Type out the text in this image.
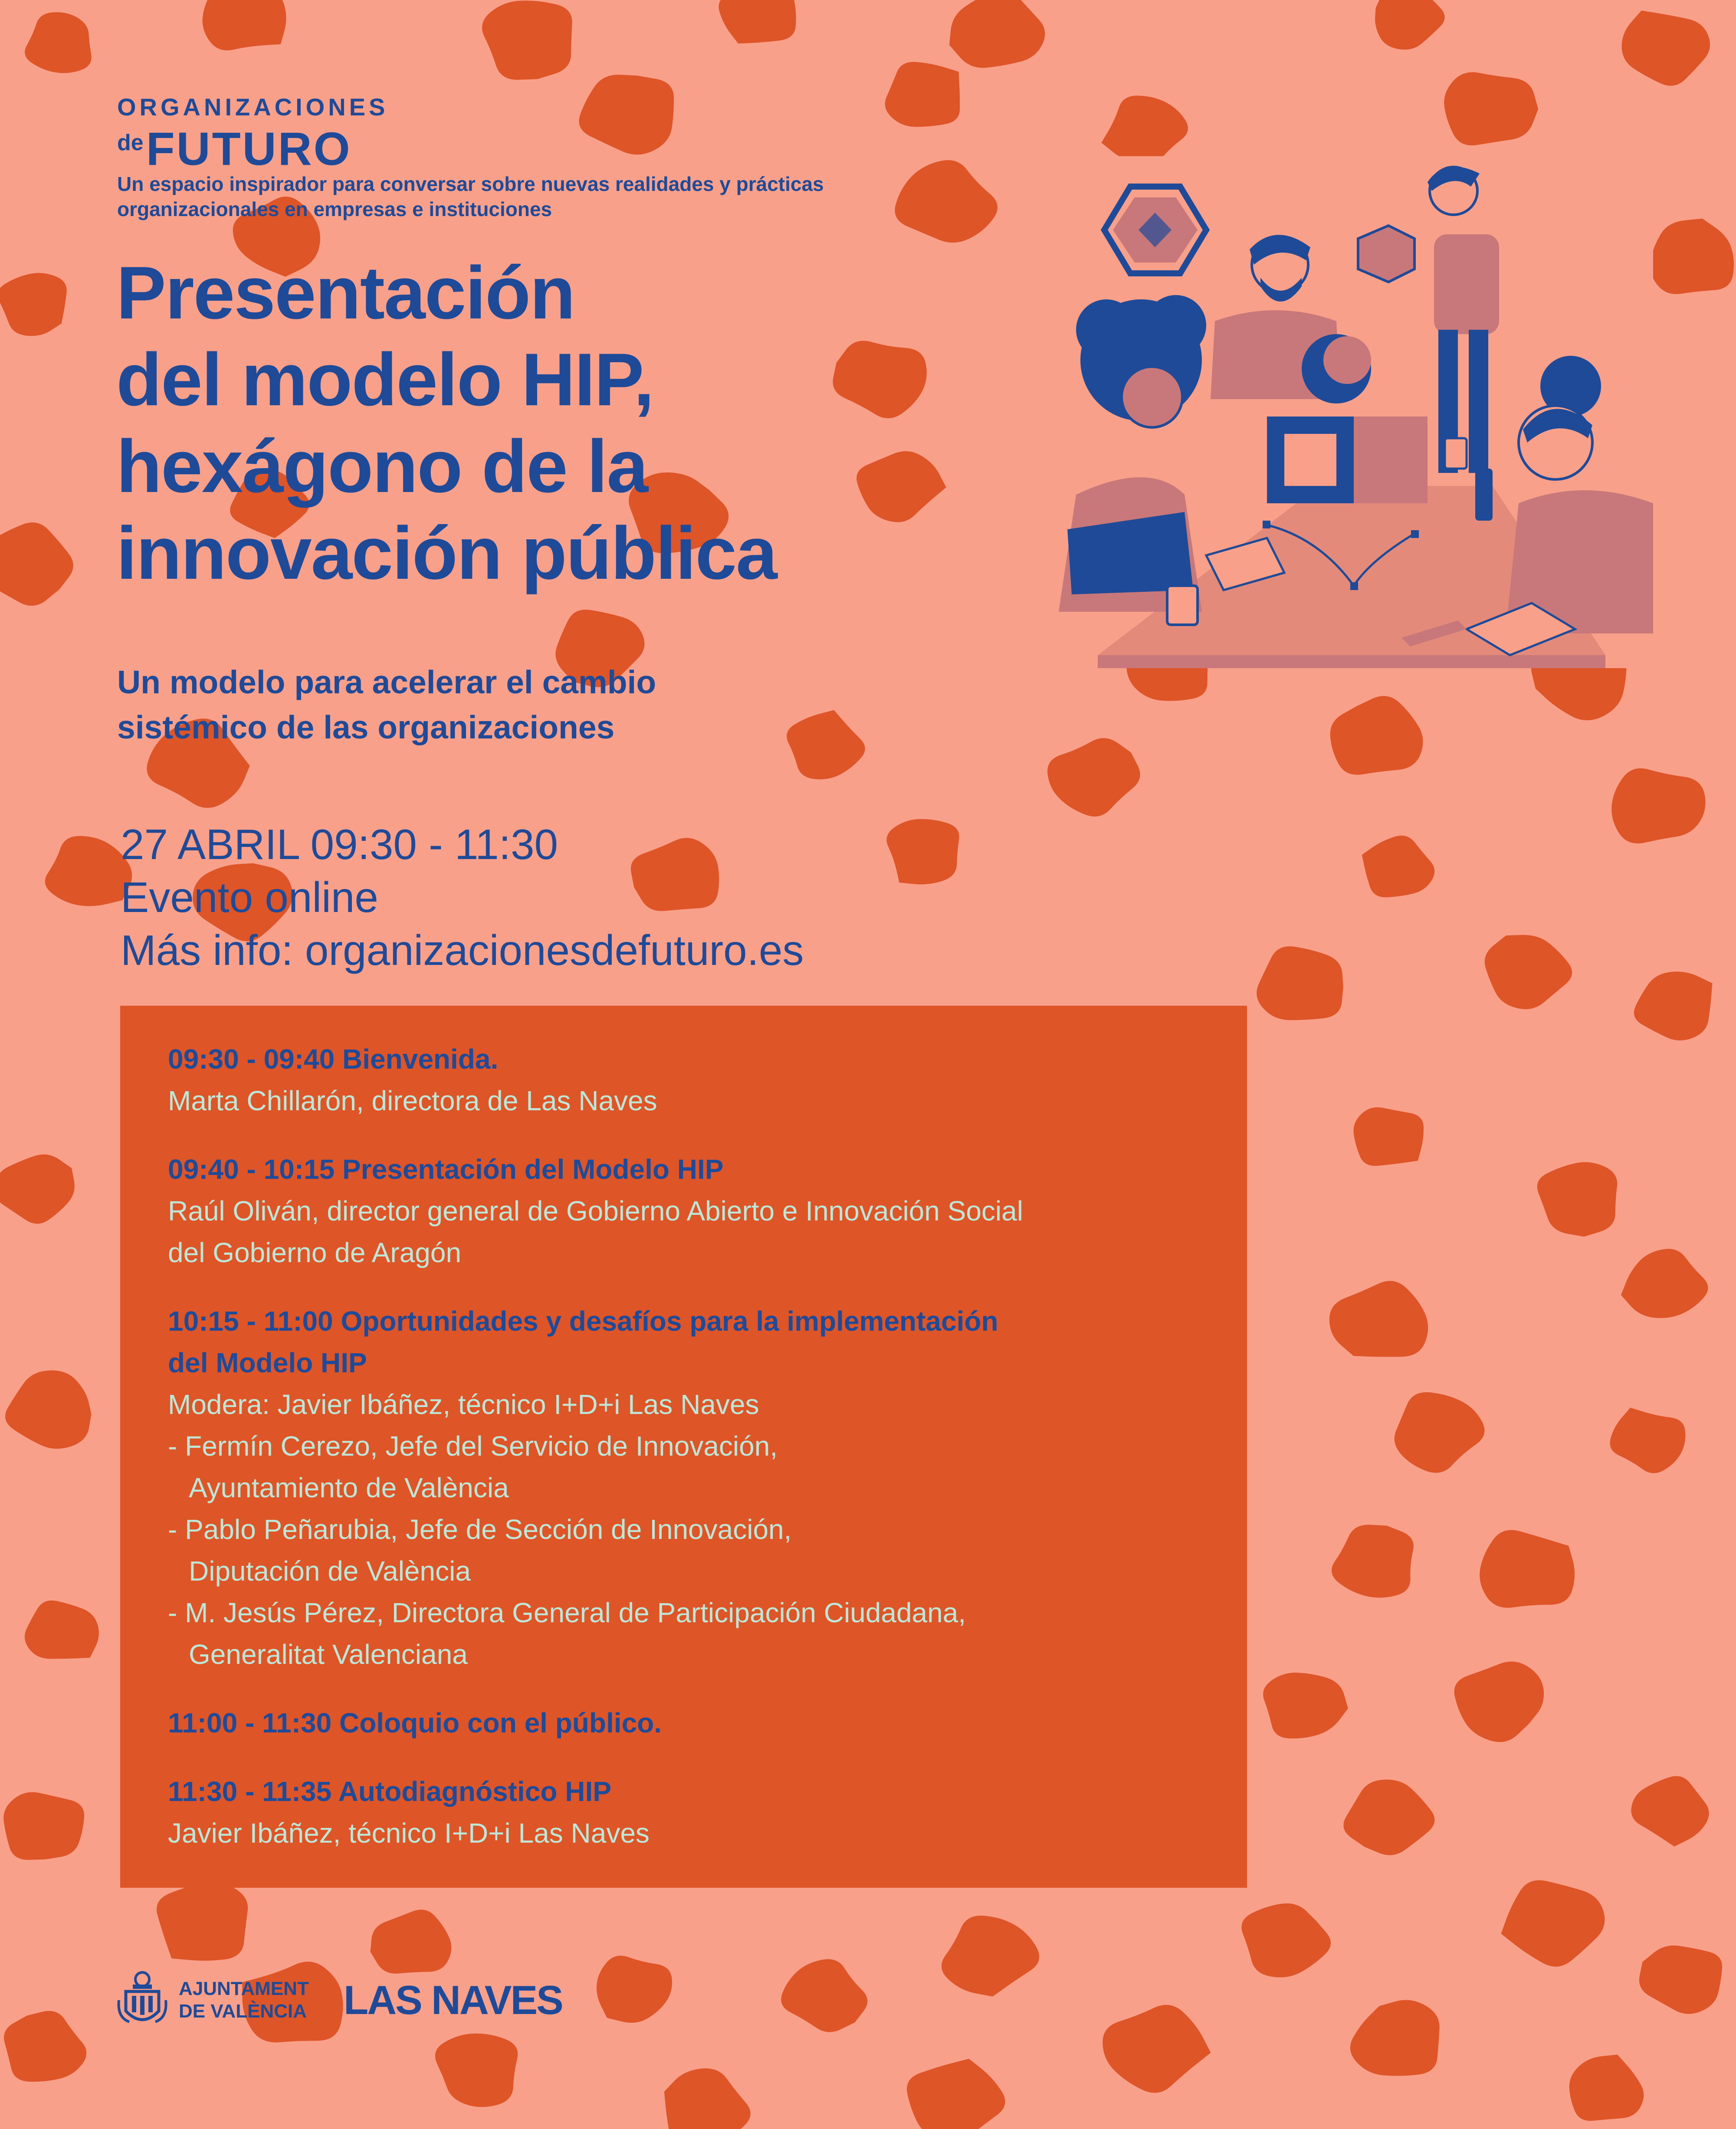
ORGANIZACIONES
de FUTURO
Un espacio inspirador para conversar sobre nuevas realidades y prácticas organizacionales en empresas e instituciones
Presentación
del modelo HIP,
hexágono de la
innovación pública
Un modelo para acelerar el cambio
sistémico de las organizaciones
27 ABRIL 09:30 - 11:30
Evento online
Más info: organizacionesdefuturo.es
09:30 - 09:40 Bienvenida.
Marta Chillarón, directora de Las Naves
09:40 - 10:15 Presentación del Modelo HIP
Raúl Oliván, director general de Gobierno Abierto e Innovación Social
del Gobierno de Aragón
10:15 - 11:00 Oportunidades y desafíos para la implementación
del Modelo HIP
Modera: Javier Ibáñez, técnico I+D+i Las Naves
- Fermín Cerezo, Jefe del Servicio de Innovación,
Ayuntamiento de València
- Pablo Peñarubia, Jefe de Sección de Innovación,
Diputación de València
- M. Jesús Pérez, Directora General de Participación Ciudadana,
Generalitat Valenciana
11:00 - 11:30 Coloquio con el público.
11:30 - 11:35 Autodiagnóstico HIP
Javier Ibáñez, técnico I+D+i Las Naves
AJUNTAMENT
DE VALÈNCIA LAS NAVES
